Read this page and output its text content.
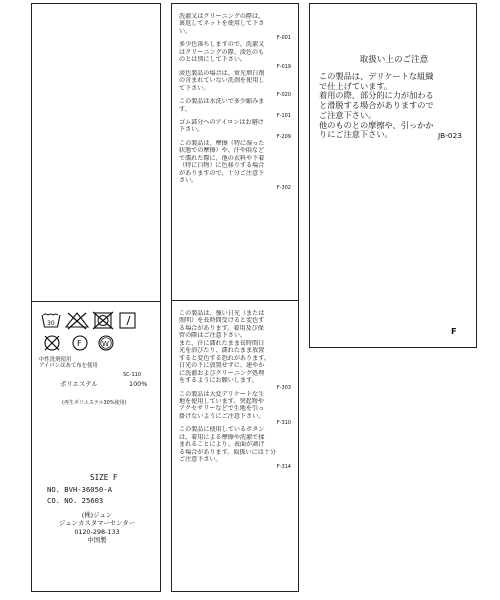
30
F	W
中性洗剤使用
アイロンはあて布を使用
SC-110
ポリエステル	100%
(再生ポリエステル30%使用)
SIZE F
NO. BVH-36050-A
CO. NO. 25603
(株)ジュン
ジュンカスタマーセンター
0120-298-133
中国製
洗濯又はクリーニングの際は、
裏返してネットを使用して下さ
い。
F-001
多少色落ちしますので、洗濯又
はクリーニングの際、淡色のも
のとは別にして下さい。
F-019
淡色製品の場合は、蛍光増白剤
の含まれていない洗剤を使用し
て下さい。
F-020
この製品は水洗いで多少縮みま
す。
F-101
ゴム部分へのアイロンはお避け
下さい。
F-209
この製品は、摩擦（特に湿った
状態での摩擦）や、汗や雨など
で濡れた際に、他の衣料や下着
（特に白物）に色移りする場合
がありますので、十分ご注意下
さい。
F-302
この製品は、強い日光（または
照明）を長時間受けると変色す
る場合があります。着用及び保
管の際はご注意下さい。
また、汗に濡れたまま長時間日
光を浴びたり、濡れたまま放置
すると変色する恐れがあります。
日光の下に放置せずに、速やか
に洗濯およびクリーニング処理
をするようにお願いします。
F-303
この製品は大変デリケートな生
地を使用しています。突起物や
アクセサリーなどで生地を引っ
掛けないようにご注意下さい。
F-310
この製品に使用しているボタン
は、着用による摩擦や洗濯で揉
まれることにより、表面が剥げ
る場合があります。取扱いには十分
ご注意下さい。
F-314
取扱い上のご注意
この製品は、デリケートな組織
で仕上げています。
着用の際、部分的に力が加わる
と滑脱する場合がありますので
ご注意下さい。
他のものとの摩擦や、引っかか
りにご注意下さい。	JB-023
F
